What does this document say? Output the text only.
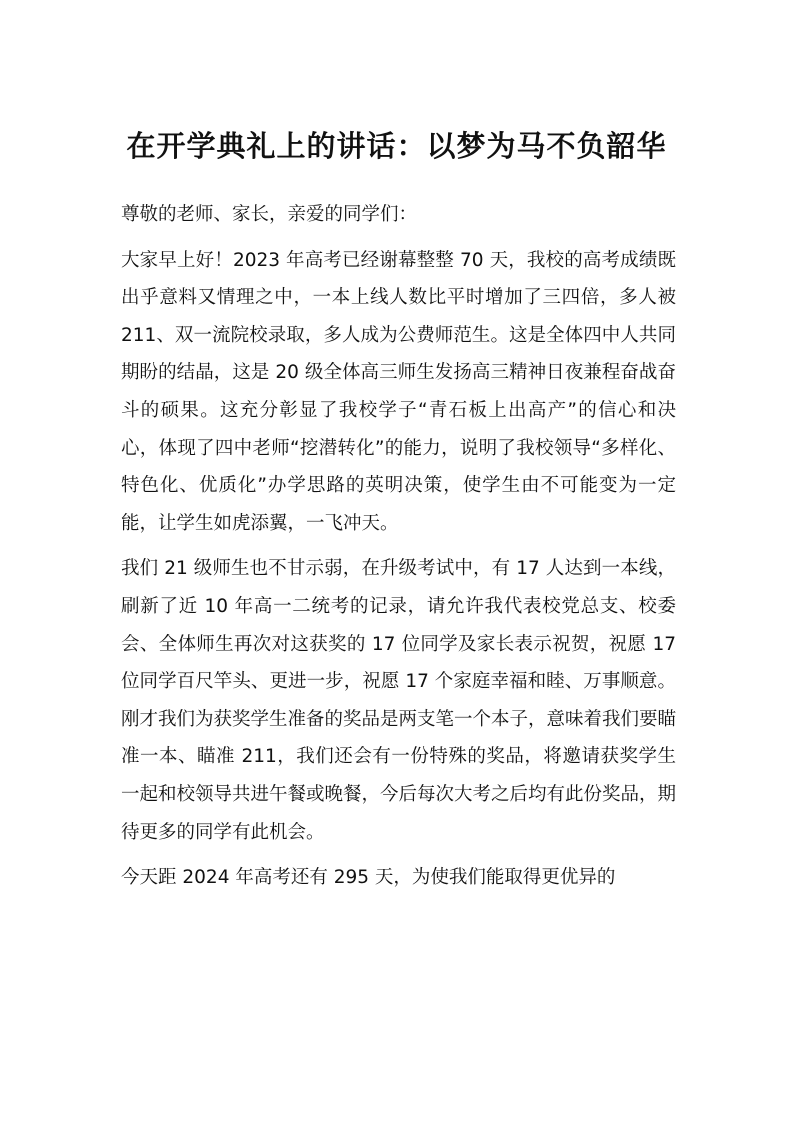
在开学典礼上的讲话：以梦为马不负韶华

尊敬的老师、家长，亲爱的同学们：

大家早上好！2023 年高考已经谢幕整整 70 天，我校的高考成绩既出乎意料又情理之中，一本上线人数比平时增加了三四倍，多人被 211、双一流院校录取，多人成为公费师范生。这是全体四中人共同期盼的结晶，这是 20 级全体高三师生发扬高三精神日夜兼程奋战奋斗的硕果。这充分彰显了我校学子“青石板上出高产”的信心和决心，体现了四中老师“挖潜转化”的能力，说明了我校领导“多样化、特色化、优质化”办学思路的英明决策，使学生由不可能变为一定能，让学生如虎添翼，一飞冲天。

我们 21 级师生也不甘示弱，在升级考试中，有 17 人达到一本线，刷新了近 10 年高一二统考的记录，请允许我代表校党总支、校委会、全体师生再次对这获奖的 17 位同学及家长表示祝贺，祝愿 17 位同学百尺竿头、更进一步，祝愿 17 个家庭幸福和睦、万事顺意。刚才我们为获奖学生准备的奖品是两支笔一个本子，意味着我们要瞄准一本、瞄准 211，我们还会有一份特殊的奖品，将邀请获奖学生一起和校领导共进午餐或晚餐，今后每次大考之后均有此份奖品，期待更多的同学有此机会。

今天距 2024 年高考还有 295 天，为使我们能取得更优异的
